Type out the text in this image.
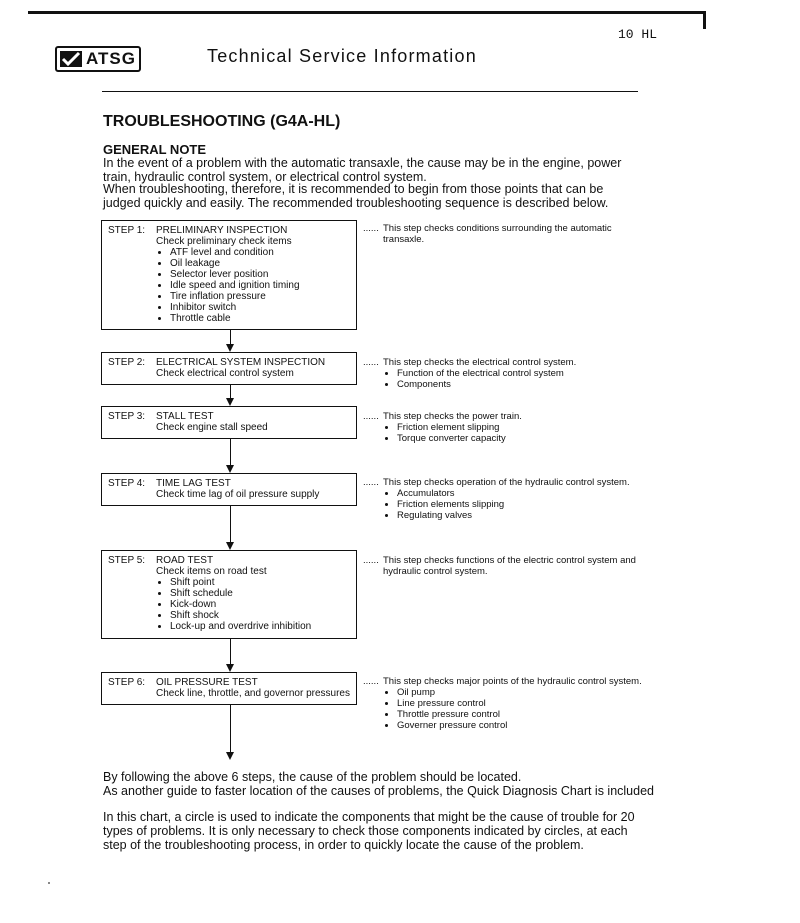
10 HL
ATSG	Technical Service Information
TROUBLESHOOTING (G4A-HL)
GENERAL NOTE
In the event of a problem with the automatic transaxle, the cause may be in the engine, power train, hydraulic control system, or electrical control system.
When troubleshooting, therefore, it is recommended to begin from those points that can be judged quickly and easily. The recommended troubleshooting sequence is described below.
STEP 1: PRELIMINARY INSPECTION
Check preliminary check items
• ATF level and condition
• Oil leakage
• Selector lever position
• Idle speed and ignition timing
• Tire inflation pressure
• Inhibitor switch
• Throttle cable
...... This step checks conditions surrounding the automatic transaxle.
STEP 2: ELECTRICAL SYSTEM INSPECTION
Check electrical control system
...... This step checks the electrical control system.
• Function of the electrical control system
• Components
STEP 3: STALL TEST
Check engine stall speed
...... This step checks the power train.
• Friction element slipping
• Torque converter capacity
STEP 4: TIME LAG TEST
Check time lag of oil pressure supply
...... This step checks operation of the hydraulic control system.
• Accumulators
• Friction elements slipping
• Regulating valves
STEP 5: ROAD TEST
Check items on road test
• Shift point
• Shift schedule
• Kick-down
• Shift shock
• Lock-up and overdrive inhibition
...... This step checks functions of the electric control system and hydraulic control system.
STEP 6: OIL PRESSURE TEST
Check line, throttle, and governor pressures
...... This step checks major points of the hydraulic control system.
• Oil pump
• Line pressure control
• Throttle pressure control
• Governer pressure control
By following the above 6 steps, the cause of the problem should be located.
As another guide to faster location of the causes of problems, the Quick Diagnosis Chart is included
In this chart, a circle is used to indicate the components that might be the cause of trouble for 20 types of problems. It is only necessary to check those components indicated by circles, at each step of the troubleshooting process, in order to quickly locate the cause of the problem.
